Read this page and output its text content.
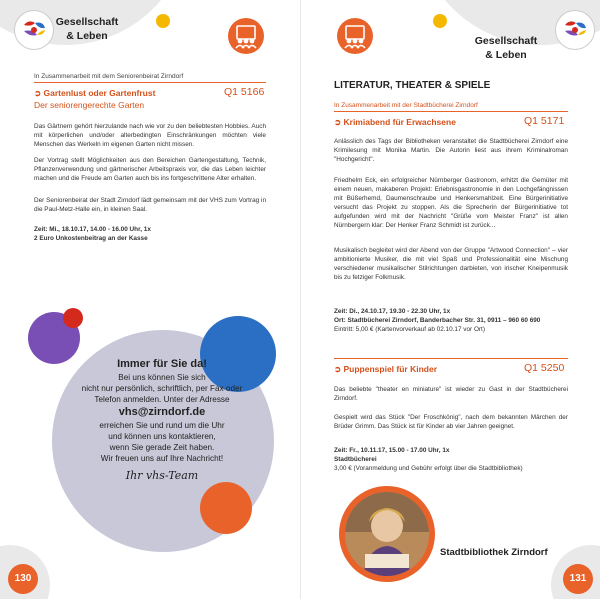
Gesellschaft
& Leben
In Zusammenarbeit mit dem Seniorenbeirat Zirndorf
➲ Gartenlust oder Gartenfrust	Q1 5166
Der seniorengerechte Garten
Das Gärtnern gehört hierzulande nach wie vor zu den beliebtesten Hobbies. Auch mit körperlichen und/oder alterbedingten Einschränkungen möchten viele Menschen das Werkeln im eigenen Garten nicht missen.
Der Vortrag stellt Möglichkeiten aus den Bereichen Gartengestaltung, Technik, Pflanzenverwendung und gärtnerischer Arbeitspraxis vor, die das Leben leichter machen und die Freude am Garten auch bis ins fortgeschrittene Alter erhalten.
Der Seniorenbeirat der Stadt Zirndorf lädt gemeinsam mit der VHS zum Vortrag in die Paul-Metz-Halle ein, in kleinen Saal.
Zeit: Mi., 18.10.17, 14.00 - 16.00 Uhr, 1x
2 Euro Unkostenbeitrag an der Kasse
Immer für Sie da!
Bei uns können Sie sich
nicht nur persönlich, schriftlich, per Fax oder
Telefon anmelden. Unter der Adresse
vhs@zirndorf.de
erreichen Sie und rund um die Uhr
und können uns kontaktieren,
wenn Sie gerade Zeit haben.
Wir freuen uns auf Ihre Nachricht!
Ihr vhs-Team
130
Gesellschaft
& Leben
LITERATUR, THEATER & SPIELE
In Zusammenarbeit mit der Stadtbücherei Zirndorf
➲ Krimiabend für Erwachsene	Q1 5171
Anlässlich des Tags der Bibliotheken veranstaltet die Stadtbücherei Zirndorf eine Krimilesung mit Monika Martin. Die Autorin liest aus ihrem Kriminalroman "Hochgericht".
Friedhelm Eck, ein erfolgreicher Nürnberger Gastronom, erhitzt die Gemüter mit einem neuen, makaberen Projekt: Erlebnisgastronomie in den Lochgefängnissen mit Büßerhemd, Daumenschraube und Henkersmahlzeit. Eine Bürgerinitiative versucht das Projekt zu stoppen. Als die Sprecherin der Bürgerinitiative tot aufgefunden wird mit der Nachricht "Grüße vom Meister Franz" ist allen Nürnbergern klar: Der Henker Franz Schmidt ist zurück...
Musikalisch begleitet wird der Abend von der Gruppe "Artwood Connection" – vier ambitionierte Musiker, die mit viel Spaß und Professionalität eine Mischung verschiedener musikalischer Stilrichtungen darbieten, von irischer Kneipenmusik bis zu fetziger Folkmusik.
Zeit: Di., 24.10.17, 19.30 - 22.30 Uhr, 1x
Ort: Stadtbücherei Zirndorf, Banderbacher Str. 31, 0911 – 960 60 690
Eintritt: 5,00 € (Kartenvorverkauf ab 02.10.17 vor Ort)
➲ Puppenspiel für Kinder	Q1 5250
Das beliebte "theater en miniature" ist wieder zu Gast in der Stadtbücherei Zirndorf.
Gespielt wird das Stück "Der Froschkönig", nach dem bekannten Märchen der Brüder Grimm. Das Stück ist für Kinder ab vier Jahren geeignet.
Zeit: Fr., 10.11.17, 15.00 - 17.00 Uhr, 1x
Stadtbücherei
3,00 € (Voranmeldung und Gebühr erfolgt über die Stadtbibliothek)
Stadtbibliothek Zirndorf
131
